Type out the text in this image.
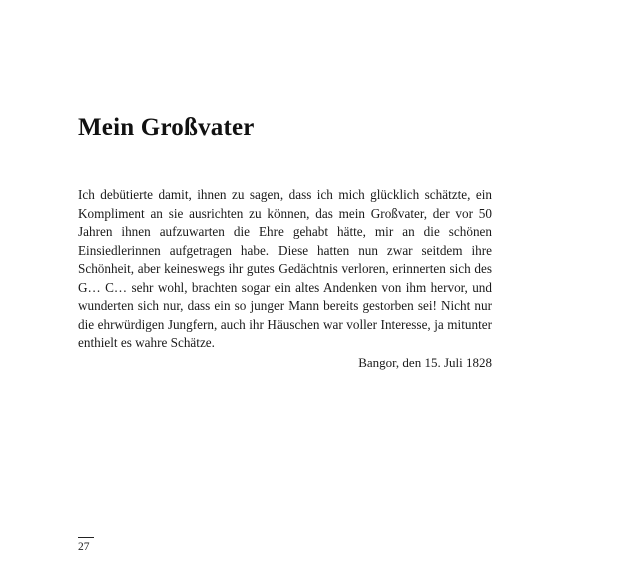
Mein Großvater

Ich debütierte damit, ihnen zu sagen, dass ich mich glücklich schätzte, ein Kompliment an sie ausrichten zu können, das mein Großvater, der vor 50 Jahren ihnen aufzuwarten die Ehre gehabt hätte, mir an die schönen Einsiedlerinnen aufgetragen habe. Diese hatten nun zwar seitdem ihre Schönheit, aber keineswegs ihr gutes Gedächtnis verloren, erinnerten sich des G… C… sehr wohl, brachten sogar ein altes Andenken von ihm hervor, und wunderten sich nur, dass ein so junger Mann bereits gestorben sei! Nicht nur die ehrwürdigen Jungfern, auch ihr Häuschen war voller Interesse, ja mitunter enthielt es wahre Schätze.

Bangor, den 15. Juli 1828

27
